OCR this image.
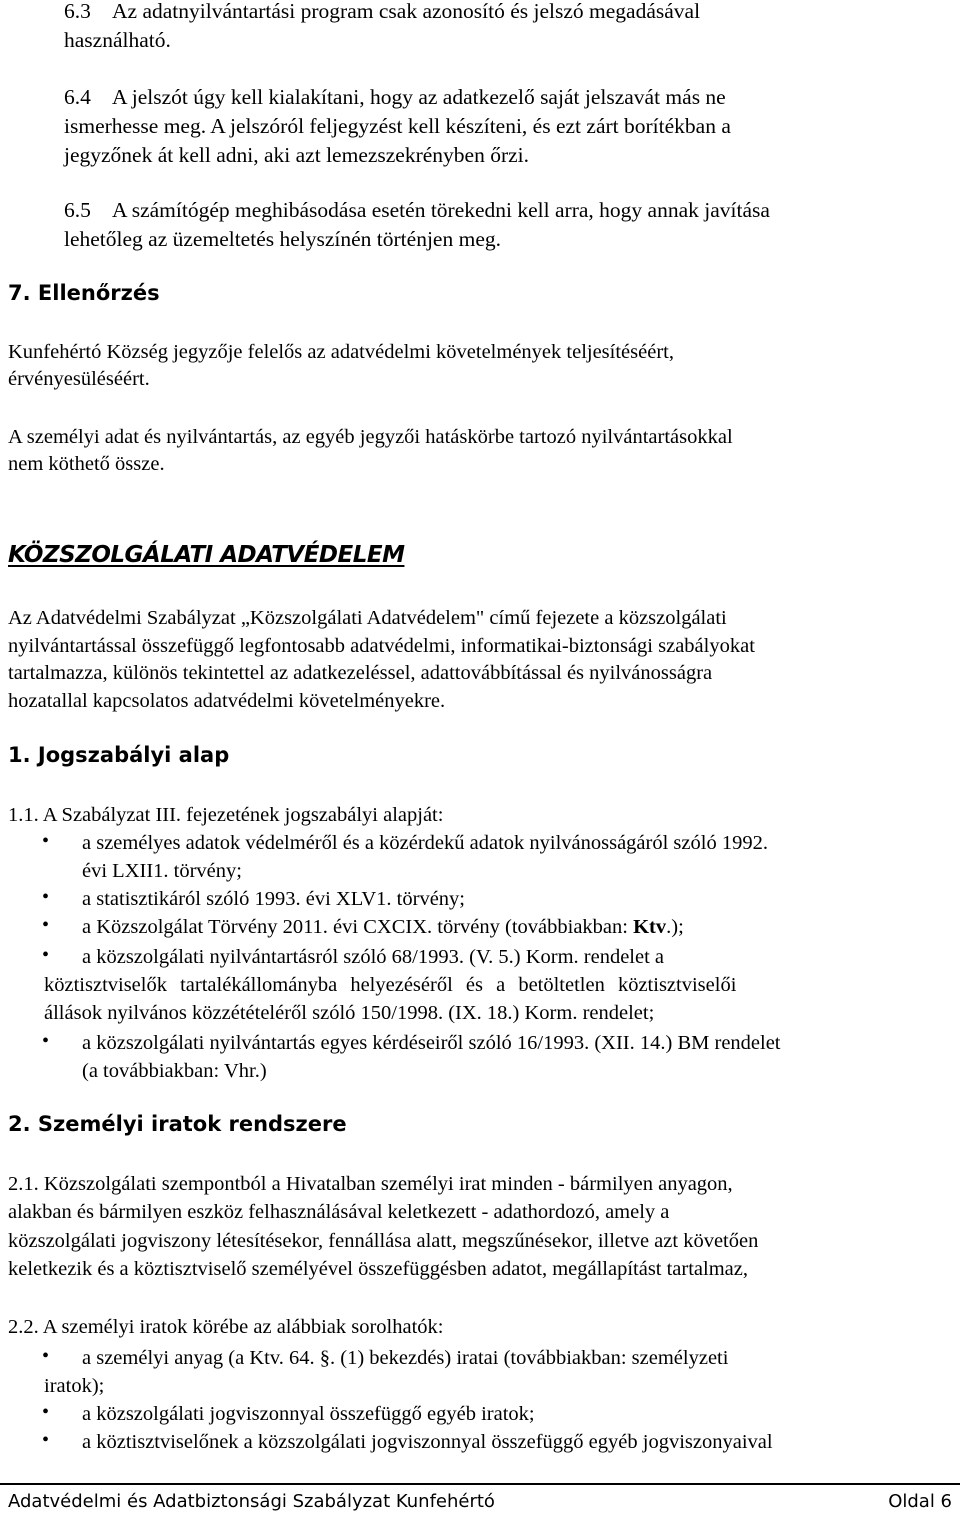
6.3 Az adatnyilvántartási program csak azonosító és jelszó megadásával
használható.
6.4 A jelszót úgy kell kialakítani, hogy az adatkezelő saját jelszavát más ne
ismerhesse meg. A jelszóról feljegyzést kell készíteni, és ezt zárt borítékban a
jegyzőnek át kell adni, aki azt lemezszekrényben őrzi.
6.5 A számítógép meghibásodása esetén törekedni kell arra, hogy annak javítása
lehetőleg az üzemeltetés helyszínén történjen meg.
7. Ellenőrzés
Kunfehértó Község jegyzője felelős az adatvédelmi követelmények teljesítéséért,
érvényesüléséért.
A személyi adat és nyilvántartás, az egyéb jegyzői hatáskörbe tartozó nyilvántartásokkal
nem köthető össze.
KÖZSZOLGÁLATI ADATVÉDELEM
Az Adatvédelmi Szabályzat „Közszolgálati Adatvédelem" című fejezete a közszolgálati
nyilvántartással összefüggő legfontosabb adatvédelmi, informatikai-biztonsági szabályokat
tartalmazza, különös tekintettel az adatkezeléssel, adattovábbítással és nyilvánosságra
hozatallal kapcsolatos adatvédelmi követelményekre.
1. Jogszabályi alap
1.1. A Szabályzat III. fejezetének jogszabályi alapját:
• a személyes adatok védelméről és a közérdekű adatok nyilvánosságáról szóló 1992.
évi LXII1. törvény;
• a statisztikáról szóló 1993. évi XLV1. törvény;
• a Közszolgálat Törvény 2011. évi CXCIX. törvény (továbbiakban: Ktv.);
• a közszolgálati nyilvántartásról szóló 68/1993. (V. 5.) Korm. rendelet a
köztisztviselők tartalékállományba helyezéséről és a betöltetlen köztisztviselői
állások nyilvános közzétételéről szóló 150/1998. (IX. 18.) Korm. rendelet;
• a közszolgálati nyilvántartás egyes kérdéseiről szóló 16/1993. (XII. 14.) BM rendelet
(a továbbiakban: Vhr.)
2. Személyi iratok rendszere
2.1. Közszolgálati szempontból a Hivatalban személyi irat minden - bármilyen anyagon,
alakban és bármilyen eszköz felhasználásával keletkezett - adathordozó, amely a
közszolgálati jogviszony létesítésekor, fennállása alatt, megszűnésekor, illetve azt követően
keletkezik és a köztisztviselő személyével összefüggésben adatot, megállapítást tartalmaz,
2.2. A személyi iratok körébe az alábbiak sorolhatók:
• a személyi anyag (a Ktv. 64. §. (1) bekezdés) iratai (továbbiakban: személyzeti
iratok);
• a közszolgálati jogviszonnyal összefüggő egyéb iratok;
• a köztisztviselőnek a közszolgálati jogviszonnyal összefüggő egyéb jogviszonyaival
Adatvédelmi és Adatbiztonsági Szabályzat Kunfehértó	Oldal 6
